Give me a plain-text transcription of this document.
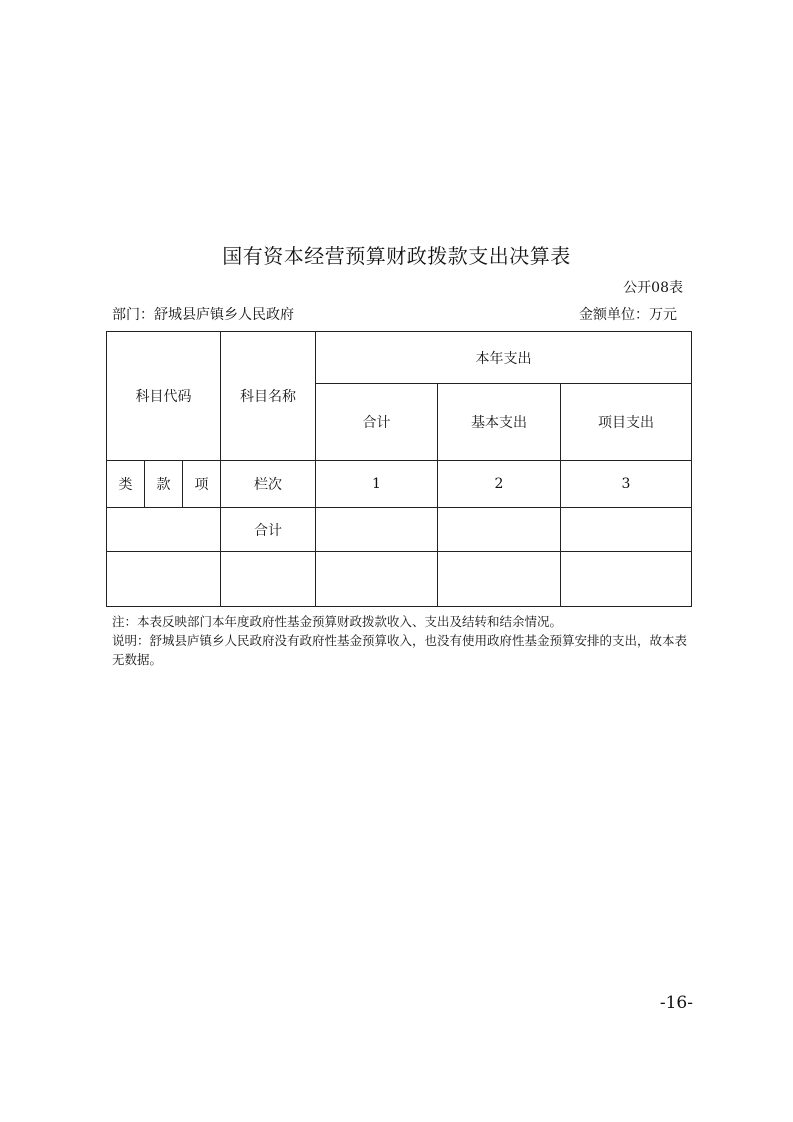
国有资本经营预算财政拨款支出决算表
公开08表
部门：舒城县庐镇乡人民政府	金额单位：万元
科目代码			科目名称	本年支出		
				合计	基本支出	项目支出
类	款	项	栏次	1	2	3
			合计			

注：本表反映部门本年度政府性基金预算财政拨款收入、支出及结转和结余情况。

说明：舒城县庐镇乡人民政府没有政府性基金预算收入，也没有使用政府性基金预算安排的支出，故本表无数据。

-16-
